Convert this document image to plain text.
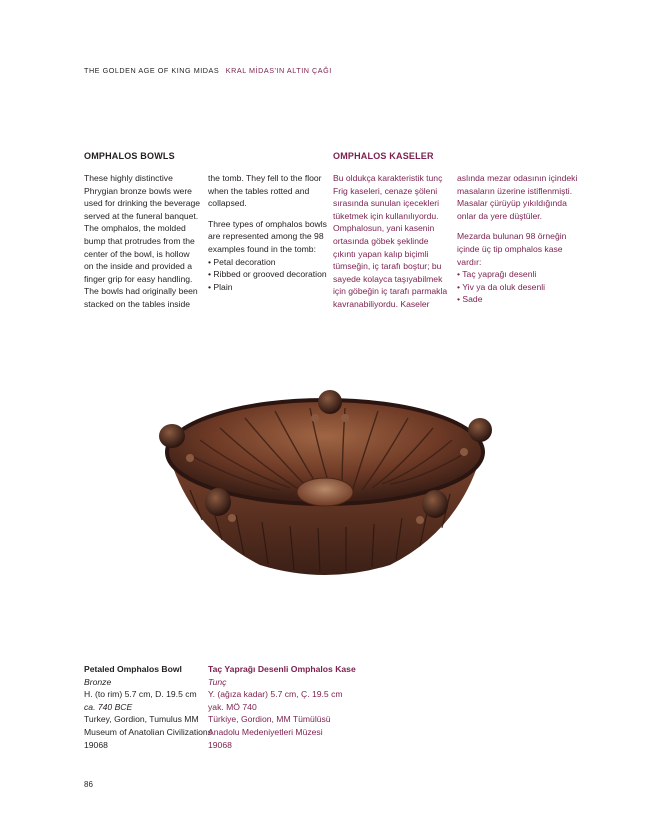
THE GOLDEN AGE OF KING MIDAS KRAL MİDAS'IN ALTIN ÇAĞI
OMPHALOS BOWLS	OMPHALOS KASELER
These highly distinctive
Phrygian bronze bowls were
used for drinking the beverage
served at the funeral banquet.
The omphalos, the molded
bump that protrudes from the
center of the bowl, is hollow
on the inside and provided a
finger grip for easy handling.
The bowls had originally been
stacked on the tables inside
the tomb. They fell to the floor
when the tables rotted and
collapsed.
Three types of omphalos bowls
are represented among the 98
examples found in the tomb:
• Petal decoration
• Ribbed or grooved decoration
• Plain
Bu oldukça karakteristik tunç
Frig kaseleri, cenaze şöleni
sırasında sunulan içecekleri
tüketmek için kullanılıyordu.
Omphalosun, yani kasenin
ortasında göbek şeklinde
çıkıntı yapan kalıp biçimli
tümseğin, iç tarafı boştur; bu
sayede kolayca taşıyabilmek
için göbeğin iç tarafı parmakla
kavranabiliyordu. Kaseler
aslında mezar odasının içindeki
masaların üzerine istiflenmişti.
Masalar çürüyüp yıkıldığında
onlar da yere düştüler.
Mezarda bulunan 98 örneğin
içinde üç tip omphalos kase
vardır:
• Taç yaprağı desenli
• Yiv ya da oluk desenli
• Sade
Petaled Omphalos Bowl
Bronze
H. (to rim) 5.7 cm, D. 19.5 cm
ca. 740 BCE
Turkey, Gordion, Tumulus MM
Museum of Anatolian Civilizations
19068
Taç Yaprağı Desenli Omphalos Kase
Tunç
Y. (ağıza kadar) 5.7 cm, Ç. 19.5 cm
yak. MÖ 740
Türkiye, Gordion, MM Tümülüsü
Anadolu Medeniyetleri Müzesi
19068
86
